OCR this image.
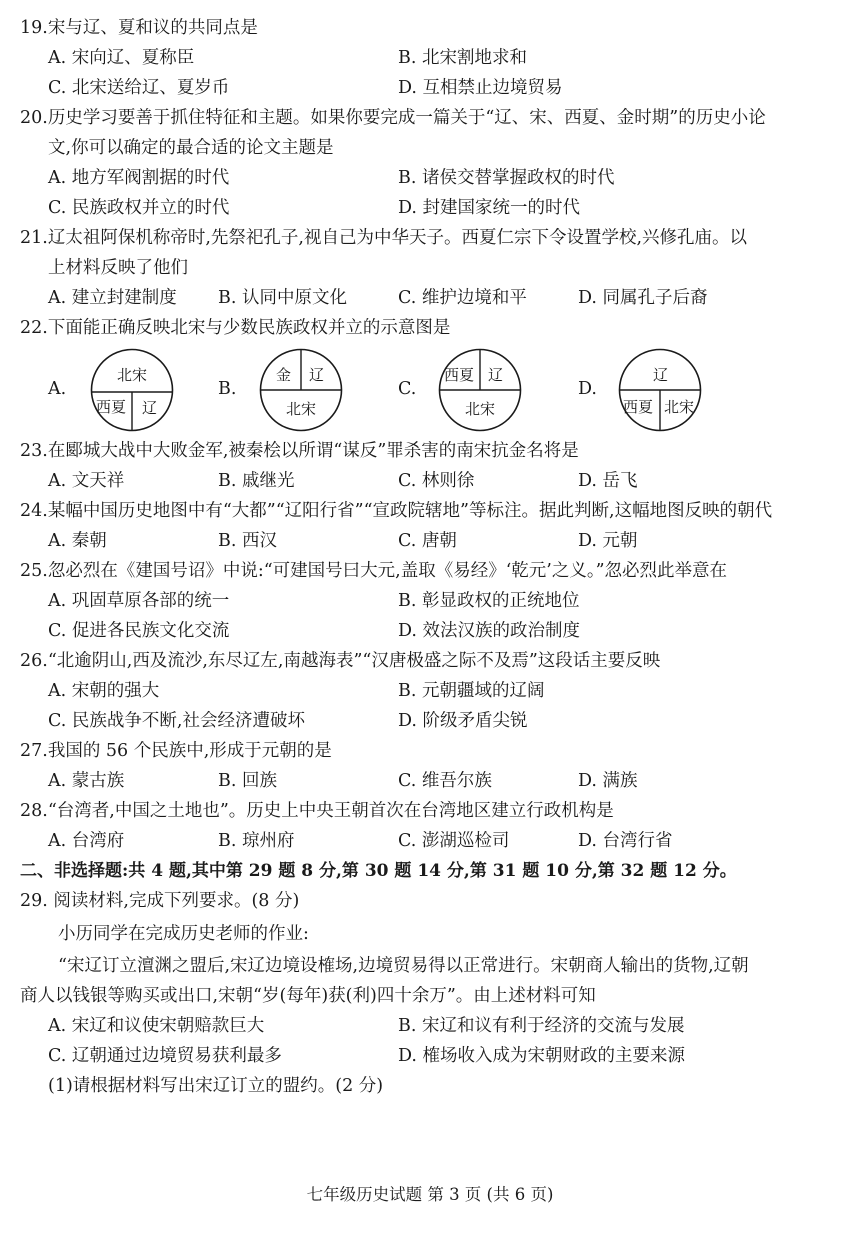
19.宋与辽、夏和议的共同点是
A. 宋向辽、夏称臣	B. 北宋割地求和
C. 北宋送给辽、夏岁币	D. 互相禁止边境贸易
20.历史学习要善于抓住特征和主题。如果你要完成一篇关于“辽、宋、西夏、金时期”的历史小论
文,你可以确定的最合适的论文主题是
A. 地方军阀割据的时代	B. 诸侯交替掌握政权的时代
C. 民族政权并立的时代	D. 封建国家统一的时代
21.辽太祖阿保机称帝时,先祭祀孔子,视自己为中华天子。西夏仁宗下令设置学校,兴修孔庙。以
上材料反映了他们
A. 建立封建制度 B. 认同中原文化	C. 维护边境和平	D. 同属孔子后裔
22.下面能正确反映北宋与少数民族政权并立的示意图是
A.
北宋
西夏 辽
B.
金 辽
北宋
C.
西夏 辽
北宋
D.
辽
西夏 北宋
23.在郾城大战中大败金军,被秦桧以所谓“谋反”罪杀害的南宋抗金名将是
A. 文天祥	B. 戚继光	C. 林则徐	D. 岳飞
24.某幅中国历史地图中有“大都”“辽阳行省”“宣政院辖地”等标注。据此判断,这幅地图反映的朝代
A. 秦朝	B. 西汉	C. 唐朝	D. 元朝
25.忽必烈在《建国号诏》中说:“可建国号曰大元,盖取《易经》‘乾元’之义。”忽必烈此举意在
A. 巩固草原各部的统一	B. 彰显政权的正统地位
C. 促进各民族文化交流	D. 效法汉族的政治制度
26.“北逾阴山,西及流沙,东尽辽左,南越海表”“汉唐极盛之际不及焉”这段话主要反映
A. 宋朝的强大	B. 元朝疆域的辽阔
C. 民族战争不断,社会经济遭破坏	D. 阶级矛盾尖锐
27.我国的 56 个民族中,形成于元朝的是
A. 蒙古族	B. 回族	C. 维吾尔族	D. 满族
28.“台湾者,中国之土地也”。历史上中央王朝首次在台湾地区建立行政机构是
A. 台湾府	B. 琼州府	C. 澎湖巡检司	D. 台湾行省
二、非选择题:共 4 题,其中第 29 题 8 分,第 30 题 14 分,第 31 题 10 分,第 32 题 12 分。
29. 阅读材料,完成下列要求。(8 分)
小历同学在完成历史老师的作业:
“宋辽订立澶渊之盟后,宋辽边境设榷场,边境贸易得以正常进行。宋朝商人输出的货物,辽朝
商人以钱银等购买或出口,宋朝“岁(每年)获(利)四十余万”。由上述材料可知
A. 宋辽和议使宋朝赔款巨大	B. 宋辽和议有利于经济的交流与发展
C. 辽朝通过边境贸易获利最多	D. 榷场收入成为宋朝财政的主要来源
(1)请根据材料写出宋辽订立的盟约。(2 分)
七年级历史试题 第 3 页 (共 6 页)
